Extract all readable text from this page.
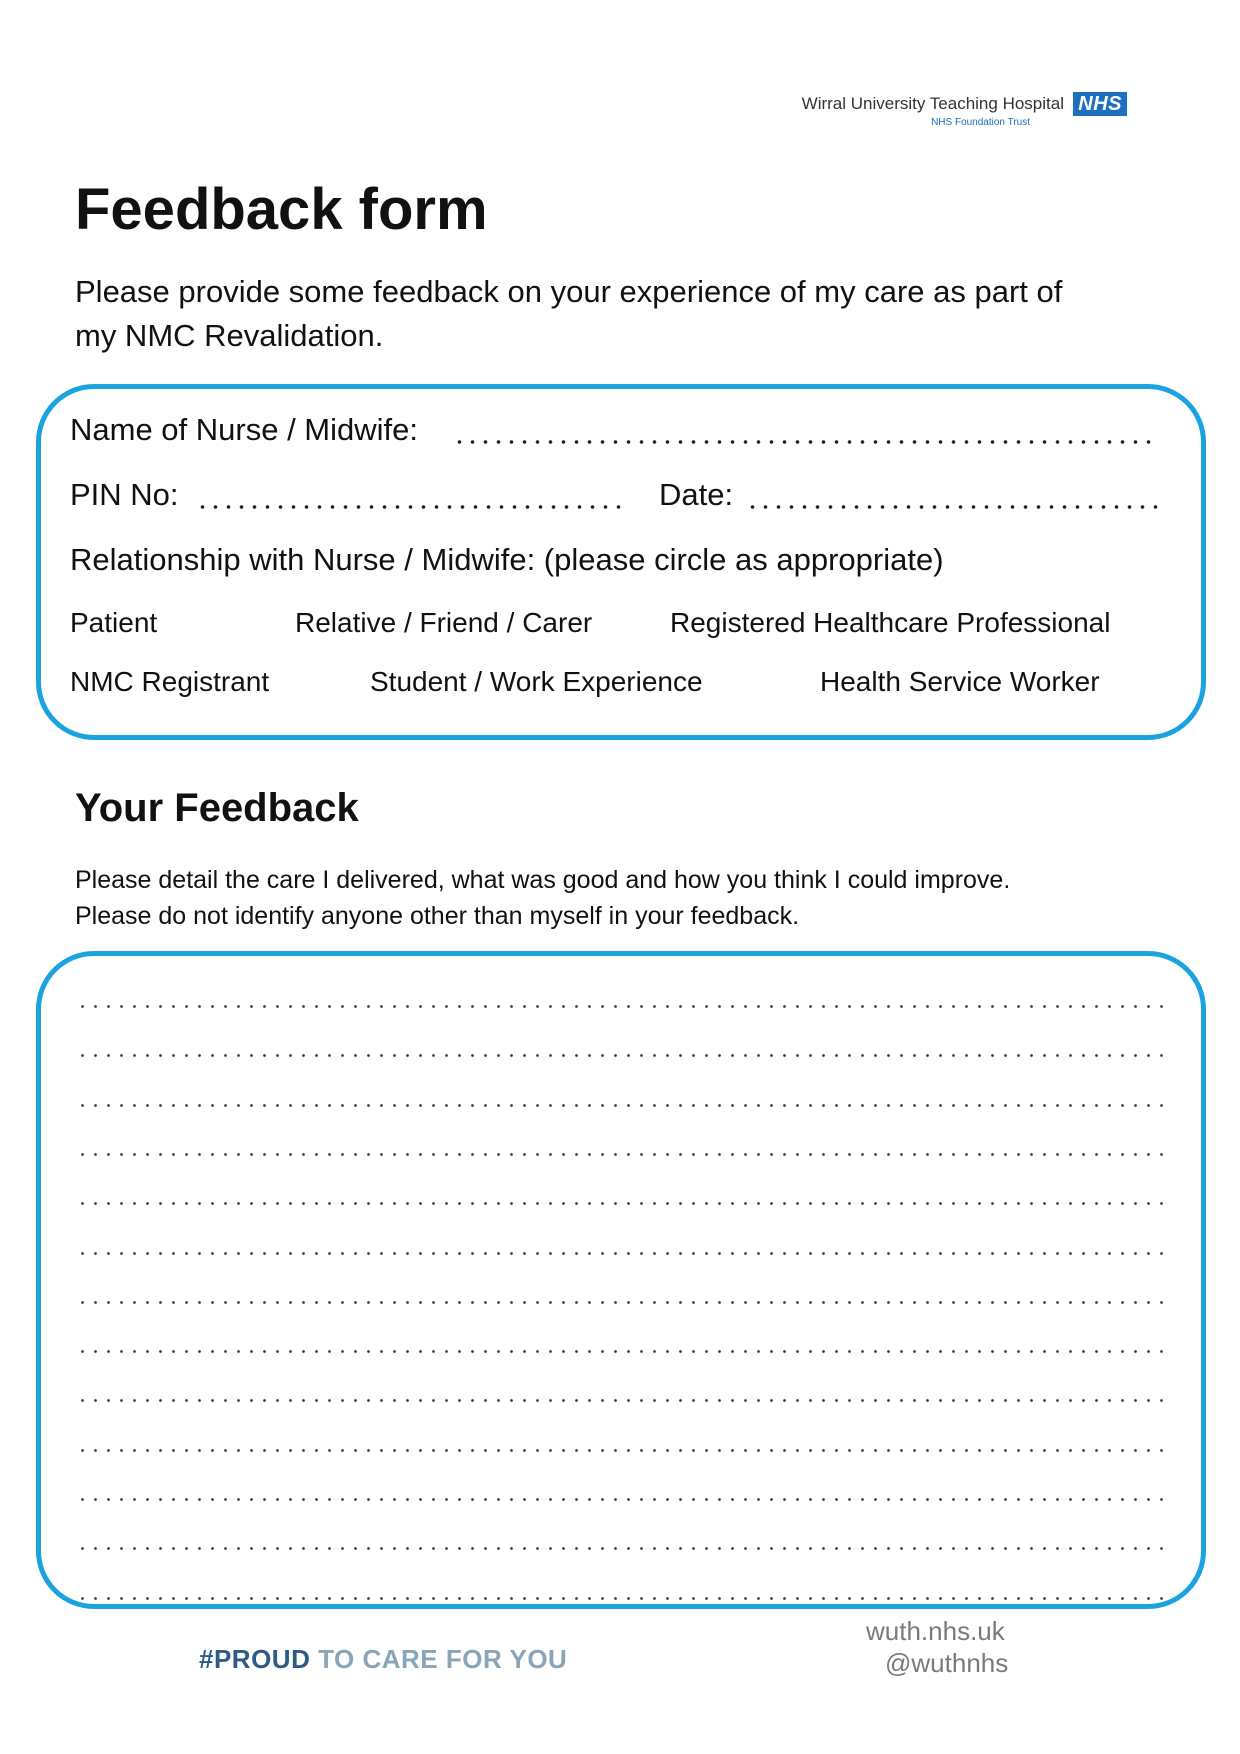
Wirral University Teaching Hospital
NHS Foundation Trust
NHS
Feedback form

Please provide some feedback on your experience of my care as part of my NMC Revalidation.

Name of Nurse / Midwife:
PIN No:	Date:
Relationship with Nurse / Midwife: (please circle as appropriate)
Patient	Relative / Friend / Carer	Registered Healthcare Professional
NMC Registrant	Student / Work Experience	Health Service Worker
Your Feedback

Please detail the care I delivered, what was good and how you think I could improve.
Please do not identify anyone other than myself in your feedback.

#PROUD TO CARE FOR YOU
wuth.nhs.uk
@wuthnhs
